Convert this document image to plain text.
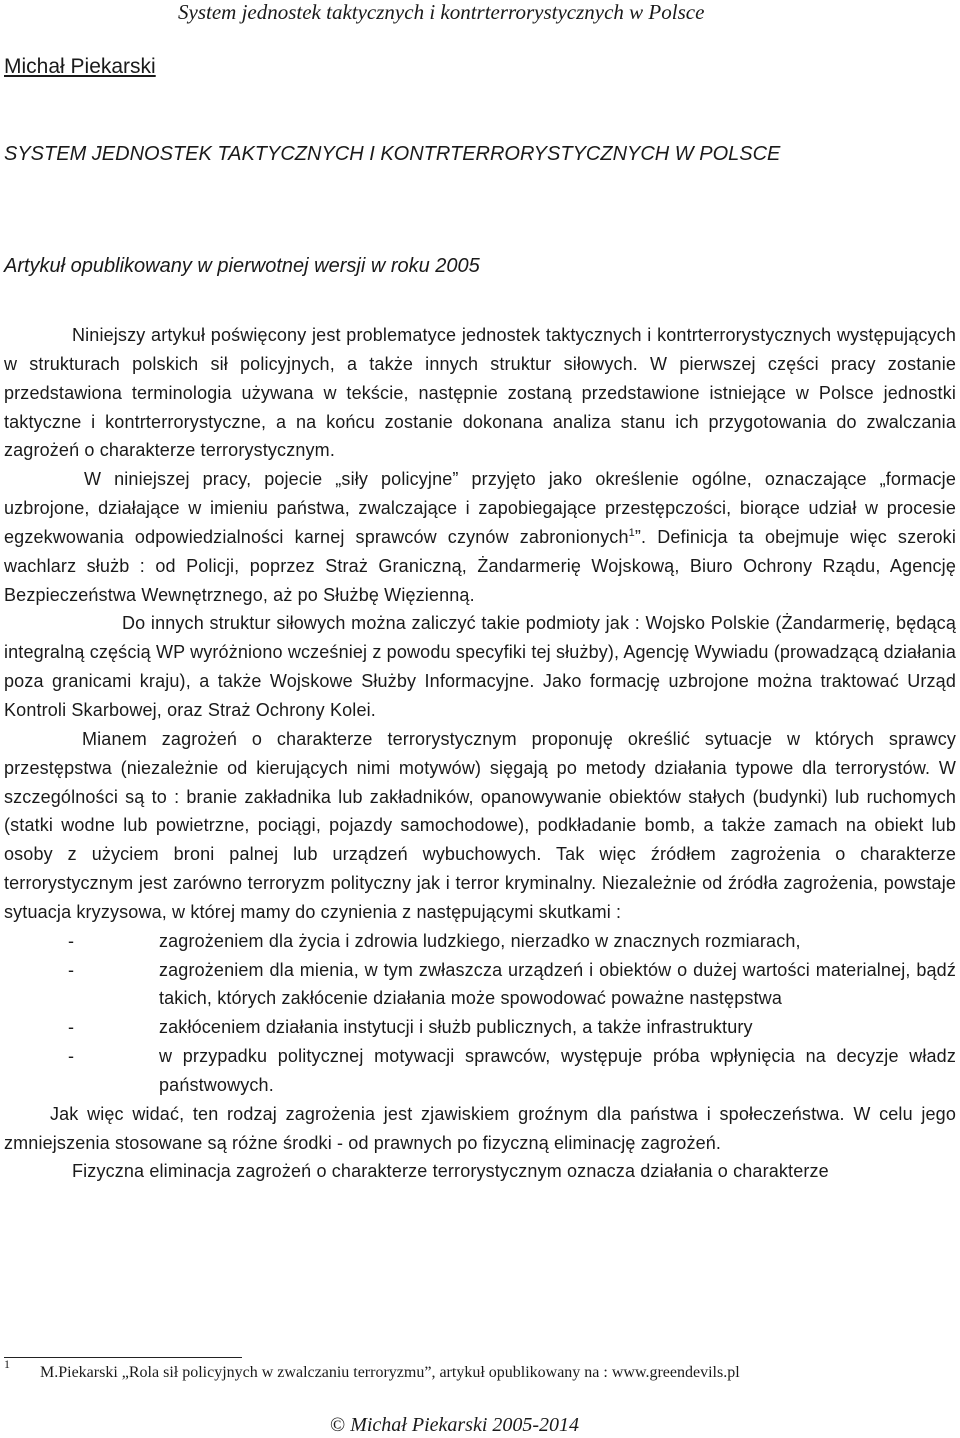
System jednostek taktycznych i kontrterrorystycznych w Polsce
Michał Piekarski
SYSTEM JEDNOSTEK TAKTYCZNYCH I KONTRTERRORYSTYCZNYCH W POLSCE
Artykuł opublikowany w pierwotnej wersji w roku 2005

Niniejszy artykuł poświęcony jest problematyce jednostek taktycznych i kontrterrorystycznych występujących w strukturach polskich sił policyjnych, a także innych struktur siłowych. W pierwszej części pracy zostanie przedstawiona terminologia używana w tekście, następnie zostaną przedstawione istniejące w Polsce jednostki taktyczne i kontrterrorystyczne, a na końcu zostanie dokonana analiza stanu ich przygotowania do zwalczania zagrożeń o charakterze terrorystycznym.

W niniejszej pracy, pojecie „siły policyjne” przyjęto jako określenie ogólne, oznaczające „formacje uzbrojone, działające w imieniu państwa, zwalczające i zapobiegające przestępczości, biorące udział w procesie egzekwowania odpowiedzialności karnej sprawców czynów zabronionych$^1$”. Definicja ta obejmuje więc szeroki wachlarz służb : od Policji, poprzez Straż Graniczną, Żandarmerię Wojskową, Biuro Ochrony Rządu, Agencję Bezpieczeństwa Wewnętrznego, aż po Służbę Więzienną.

Do innych struktur siłowych można zaliczyć takie podmioty jak : Wojsko Polskie (Żandarmerię, będącą integralną częścią WP wyróżniono wcześniej z powodu specyfiki tej służby), Agencję Wywiadu (prowadzącą działania poza granicami kraju), a także Wojskowe Służby Informacyjne. Jako formację uzbrojone można traktować Urząd Kontroli Skarbowej, oraz Straż Ochrony Kolei.

Mianem zagrożeń o charakterze terrorystycznym proponuję określić sytuacje w których sprawcy przestępstwa (niezależnie od kierujących nimi motywów) sięgają po metody działania typowe dla terrorystów. W szczególności są to : branie zakładnika lub zakładników, opanowywanie obiektów stałych (budynki) lub ruchomych (statki wodne lub powietrzne, pociągi, pojazdy samochodowe), podkładanie bomb, a także zamach na obiekt lub osoby z użyciem broni palnej lub urządzeń wybuchowych. Tak więc źródłem zagrożenia o charakterze terrorystycznym jest zarówno terroryzm polityczny jak i terror kryminalny. Niezależnie od źródła zagrożenia, powstaje sytuacja kryzysowa, w której mamy do czynienia z następującymi skutkami :

-	zagrożeniem dla życia i zdrowia ludzkiego, nierzadko w znacznych rozmiarach,
-	zagrożeniem dla mienia, w tym zwłaszcza urządzeń i obiektów o dużej wartości materialnej, bądź takich, których zakłócenie działania może spowodować poważne następstwa
-	zakłóceniem działania instytucji i służb publicznych, a także infrastruktury
-	w przypadku politycznej motywacji sprawców, występuje próba wpłynięcia na decyzje władz państwowych.

Jak więc widać, ten rodzaj zagrożenia jest zjawiskiem groźnym dla państwa i społeczeństwa. W celu jego zmniejszenia stosowane są różne środki - od prawnych po fizyczną eliminację zagrożeń.

Fizyczna eliminacja zagrożeń o charakterze terrorystycznym oznacza działania o charakterze

1 M.Piekarski „Rola sił policyjnych w zwalczaniu terroryzmu”, artykuł opublikowany na : www.greendevils.pl
© Michał Piekarski 2005-2014
